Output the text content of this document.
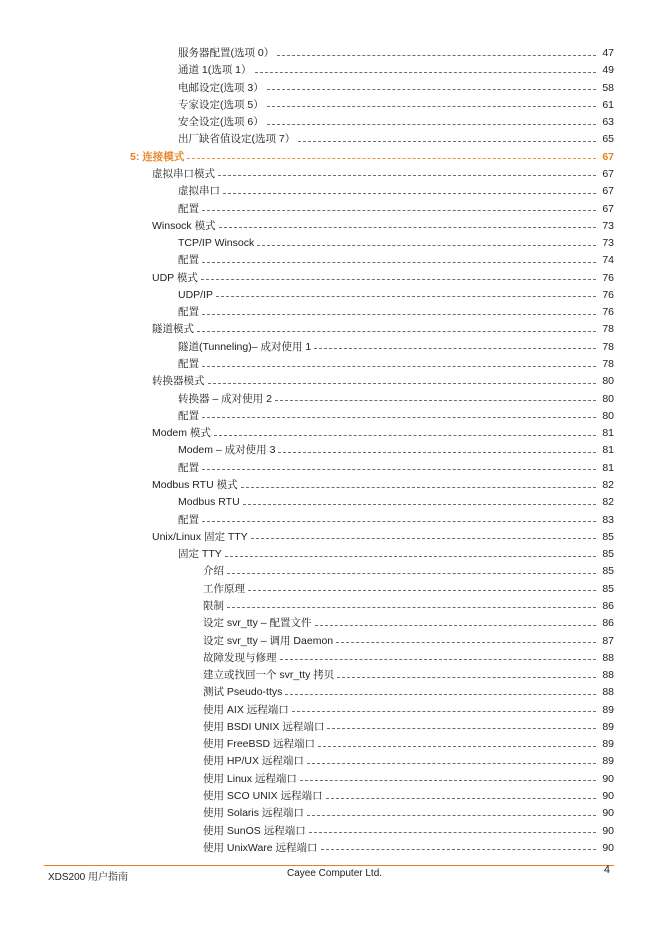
服务器配置(选项 0）	47
通道 1(选项 1）	49
电邮设定(选项 3）	58
专家设定(选项 5）	61
安全设定(选项 6）	63
出厂缺省值设定(选项 7）	65
5: 连接模式	67
虚拟串口模式	67
虚拟串口	67
配置	67
Winsock 模式	73
TCP/IP Winsock	73
配置	74
UDP 模式	76
UDP/IP	76
配置	76
隧道模式	78
隧道(Tunneling)– 成对使用 1	78
配置	78
转换器模式	80
转换器 – 成对使用 2	80
配置	80
Modem 模式	81
Modem – 成对使用 3	81
配置	81
Modbus RTU 模式	82
Modbus RTU	82
配置	83
Unix/Linux 固定 TTY	85
固定 TTY	85
介绍	85
工作原理	85
限制	86
设定 svr_tty – 配置文件	86
设定 svr_tty – 调用 Daemon	87
故障发现与修理	88
建立或找回一个 svr_tty 拷贝	88
测试 Pseudo-ttys	88
使用 AIX 远程端口	89
使用 BSDI UNIX 远程端口	89
使用 FreeBSD 远程端口	89
使用 HP/UX 远程端口	89
使用 Linux 远程端口	90
使用 SCO UNIX 远程端口	90
使用 Solaris 远程端口	90
使用 SunOS 远程端口	90
使用 UnixWare 远程端口	90
XDS200 用户指南	Cayee Computer Ltd.	4
